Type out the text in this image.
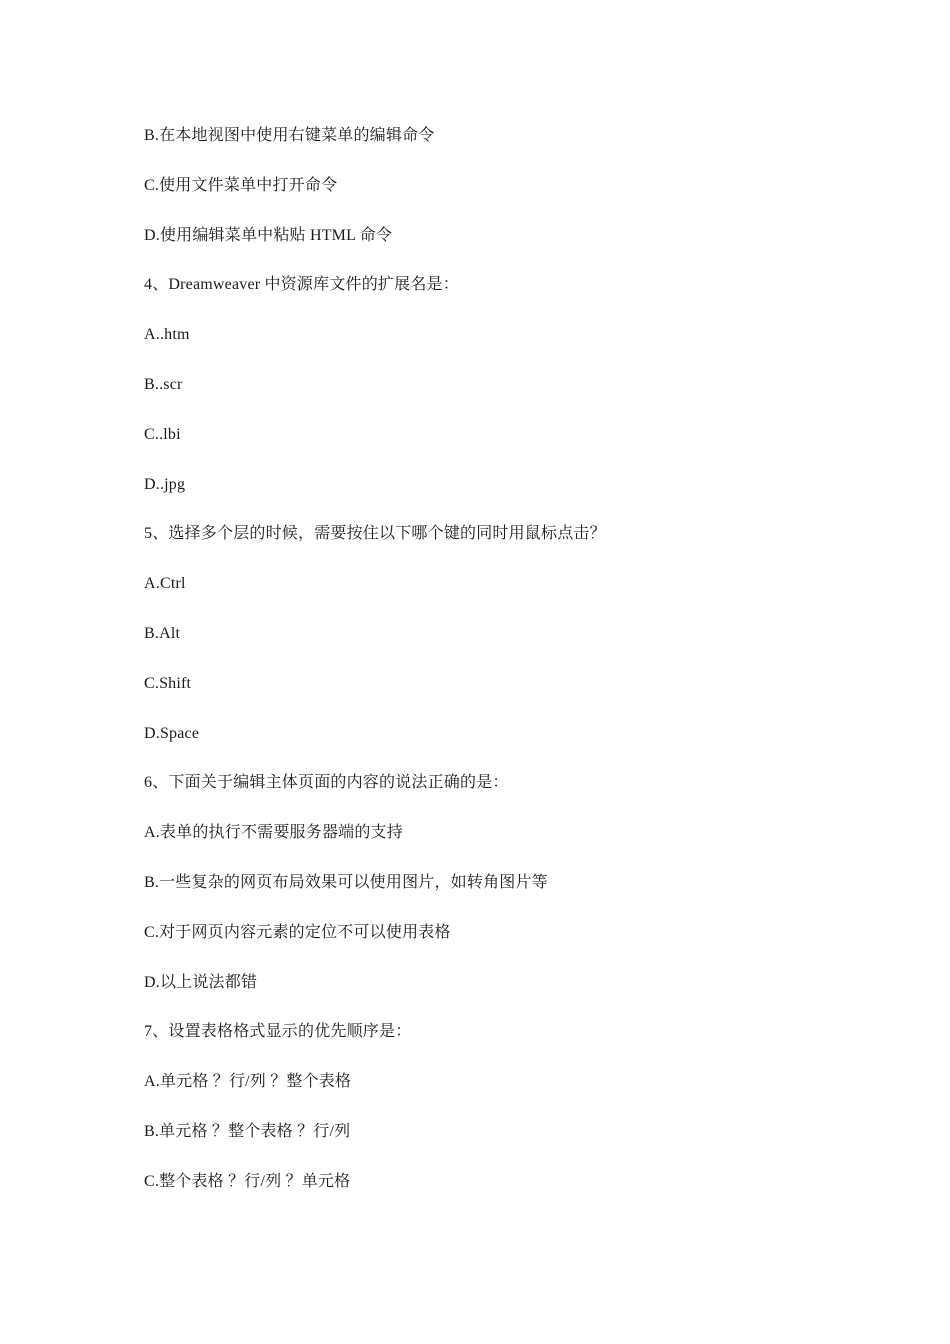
B.在本地视图中使用右键菜单的编辑命令
C.使用文件菜单中打开命令
D.使用编辑菜单中粘贴 HTML 命令
4、Dreamweaver 中资源库文件的扩展名是：
A..htm
B..scr
C..lbi
D..jpg
5、选择多个层的时候，需要按住以下哪个键的同时用鼠标点击？
A.Ctrl
B.Alt
C.Shift
D.Space
6、下面关于编辑主体页面的内容的说法正确的是：
A.表单的执行不需要服务器端的支持
B.一些复杂的网页布局效果可以使用图片，如转角图片等
C.对于网页内容元素的定位不可以使用表格
D.以上说法都错
7、设置表格格式显示的优先顺序是：
A.单元格 ？行/列 ？整个表格
B.单元格 ？整个表格 ？行/列
C.整个表格 ？行/列 ？单元格
